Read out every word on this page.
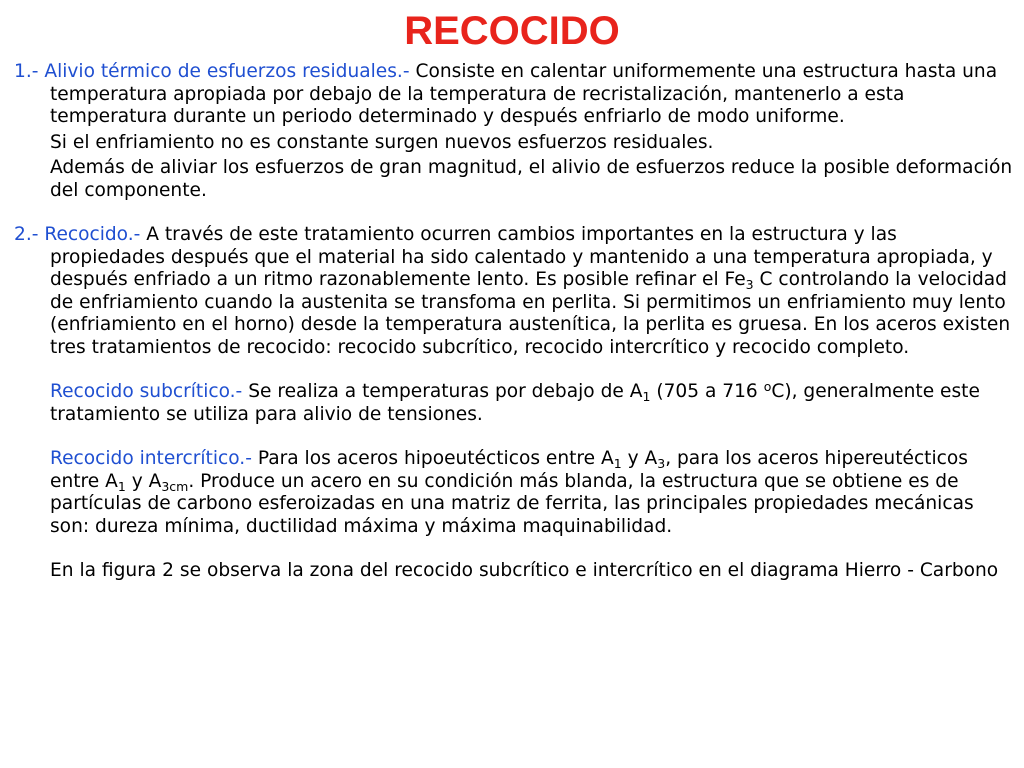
RECOCIDO

1.- Alivio térmico de esfuerzos residuales.- Consiste en calentar uniformemente una estructura hasta una temperatura apropiada por debajo de la temperatura de recristalización, mantenerlo a esta temperatura durante un periodo determinado y después enfriarlo de modo uniforme.

Si el enfriamiento no es constante surgen nuevos esfuerzos residuales.

Además de aliviar los esfuerzos de gran magnitud, el alivio de esfuerzos reduce la posible deformación del componente.

2.- Recocido.- A través de este tratamiento ocurren cambios importantes en la estructura y las propiedades después que el material ha sido calentado y mantenido a una temperatura apropiada, y después enfriado a un ritmo razonablemente lento. Es posible refinar el $Fe_3$ C controlando la velocidad de enfriamiento cuando la austenita se transfoma en perlita. Si permitimos un enfriamiento muy lento (enfriamiento en el horno) desde la temperatura austenítica, la perlita es gruesa. En los aceros existen tres tratamientos de recocido: recocido subcrítico, recocido intercrítico y recocido completo.

Recocido subcrítico.- Se realiza a temperaturas por debajo de $A_1$ (705 a 716 $^o$C), generalmente este tratamiento se utiliza para alivio de tensiones.

Recocido intercrítico.- Para los aceros hipoeutécticos entre $A_1$ y $A_3$, para los aceros hipereutécticos entre $A_1$ y $A_{3cm}$. Produce un acero en su condición más blanda, la estructura que se obtiene es de partículas de carbono esferoizadas en una matriz de ferrita, las principales propiedades mecánicas son: dureza mínima, ductilidad máxima y máxima maquinabilidad.

En la figura 2 se observa la zona del recocido subcrítico e intercrítico en el diagrama Hierro - Carbono
